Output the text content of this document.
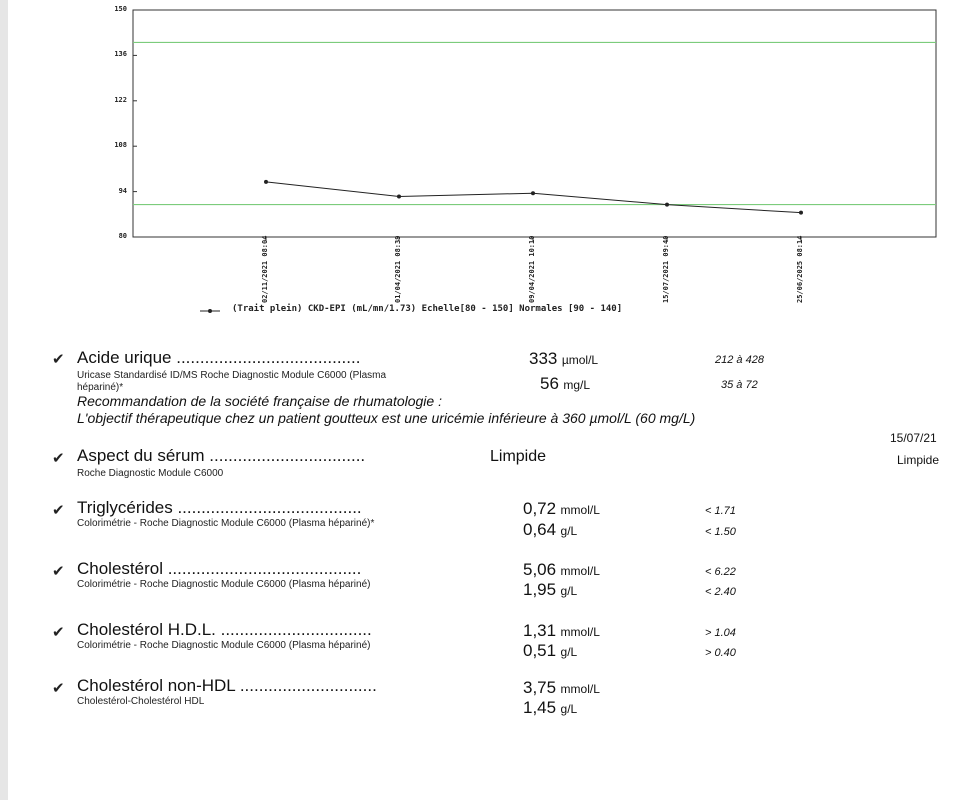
150
136
122
108
94
80	02/11/2021 08:04	01/04/2021 08:39	09/04/2021 10:10	15/07/2021 09:40	25/06/2025 08:14
(Trait plein) CKD-EPI (mL/mn/1.73) Echelle[80 - 150] Normales [90 - 140]
✔ Acide urique .......................................
Uricase Standardisé ID/MS Roche Diagnostic Module C6000 (Plasma
hépariné)*
333 µmol/L	212 à 428
56 mg/L	35 à 72
Recommandation de la société française de rhumatologie :
L'objectif thérapeutique chez un patient goutteux est une uricémie inférieure à 360 µmol/L (60 mg/L)
15/07/21
✔ Aspect du sérum .................................
Roche Diagnostic Module C6000
Limpide	Limpide
✔ Triglycérides .......................................
Colorimétrie - Roche Diagnostic Module C6000 (Plasma hépariné)*
0,72 mmol/L	< 1.71
0,64 g/L	< 1.50
✔ Cholestérol .........................................
Colorimétrie - Roche Diagnostic Module C6000 (Plasma hépariné)
5,06 mmol/L	< 6.22
1,95 g/L	< 2.40
✔ Cholestérol H.D.L. ................................
Colorimétrie - Roche Diagnostic Module C6000 (Plasma hépariné)
1,31 mmol/L	> 1.04
0,51 g/L	> 0.40
✔ Cholestérol non-HDL .............................
Cholestérol-Cholestérol HDL
3,75 mmol/L
1,45 g/L
